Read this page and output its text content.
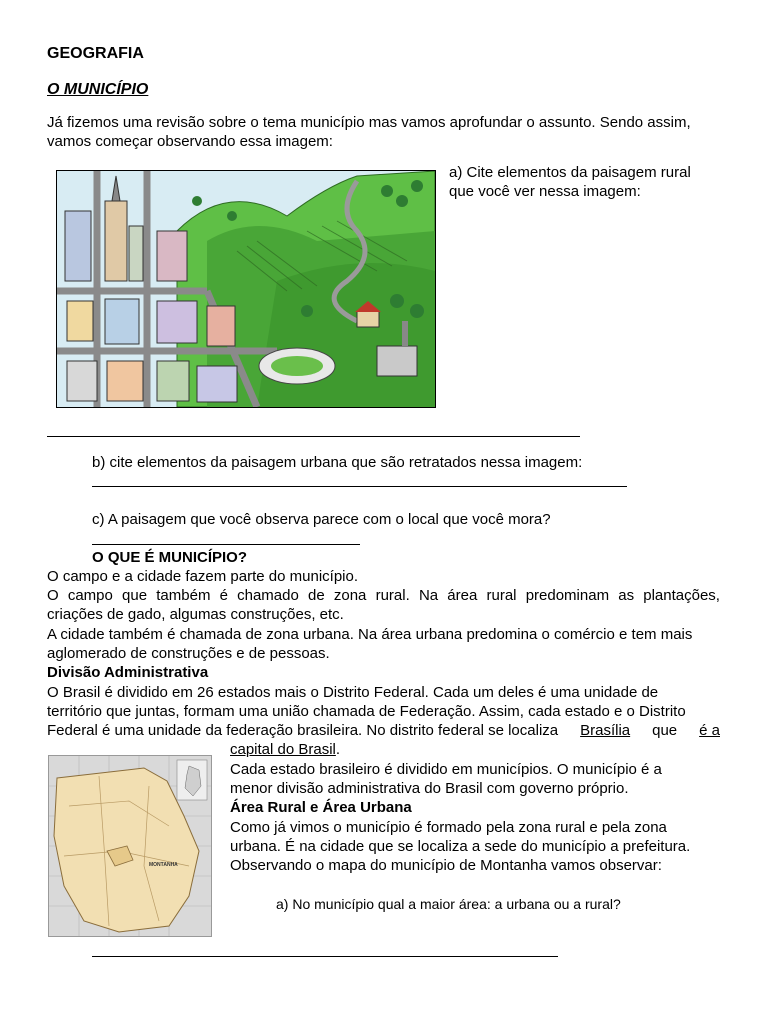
GEOGRAFIA
O MUNICÍPIO
Já fizemos uma revisão sobre o tema município mas vamos aprofundar o assunto. Sendo assim,
vamos começar observando essa imagem:
a) Cite elementos da paisagem rural
que você ver nessa imagem:
b) cite elementos da paisagem urbana que são retratados nessa imagem:
c) A paisagem que você observa parece com o local que você mora?
O QUE É MUNICÍPIO?
O campo e a cidade fazem parte do município.
O campo que também é chamado de zona rural. Na área rural predominam as plantações,
criações de gado, algumas construções, etc.
A cidade também é chamada de zona urbana. Na área urbana predomina o comércio e tem mais
aglomerado de construções e de pessoas.
Divisão Administrativa
O Brasil é dividido em 26 estados mais o Distrito Federal. Cada um deles é uma unidade de
território que juntas, formam uma união chamada de Federação. Assim, cada estado e o Distrito
Federal é uma unidade da federação brasileira. No distrito federal se localiza Brasília que é a
capital do Brasil.
Cada estado brasileiro é dividido em municípios. O município é a
menor divisão administrativa do Brasil com governo próprio.
MONTANHA
Área Rural e Área Urbana
Como já vimos o município é formado pela zona rural e pela zona
urbana. É na cidade que se localiza a sede do município a prefeitura.
Observando o mapa do município de Montanha vamos observar:
a) No município qual a maior área: a urbana ou a rural?
